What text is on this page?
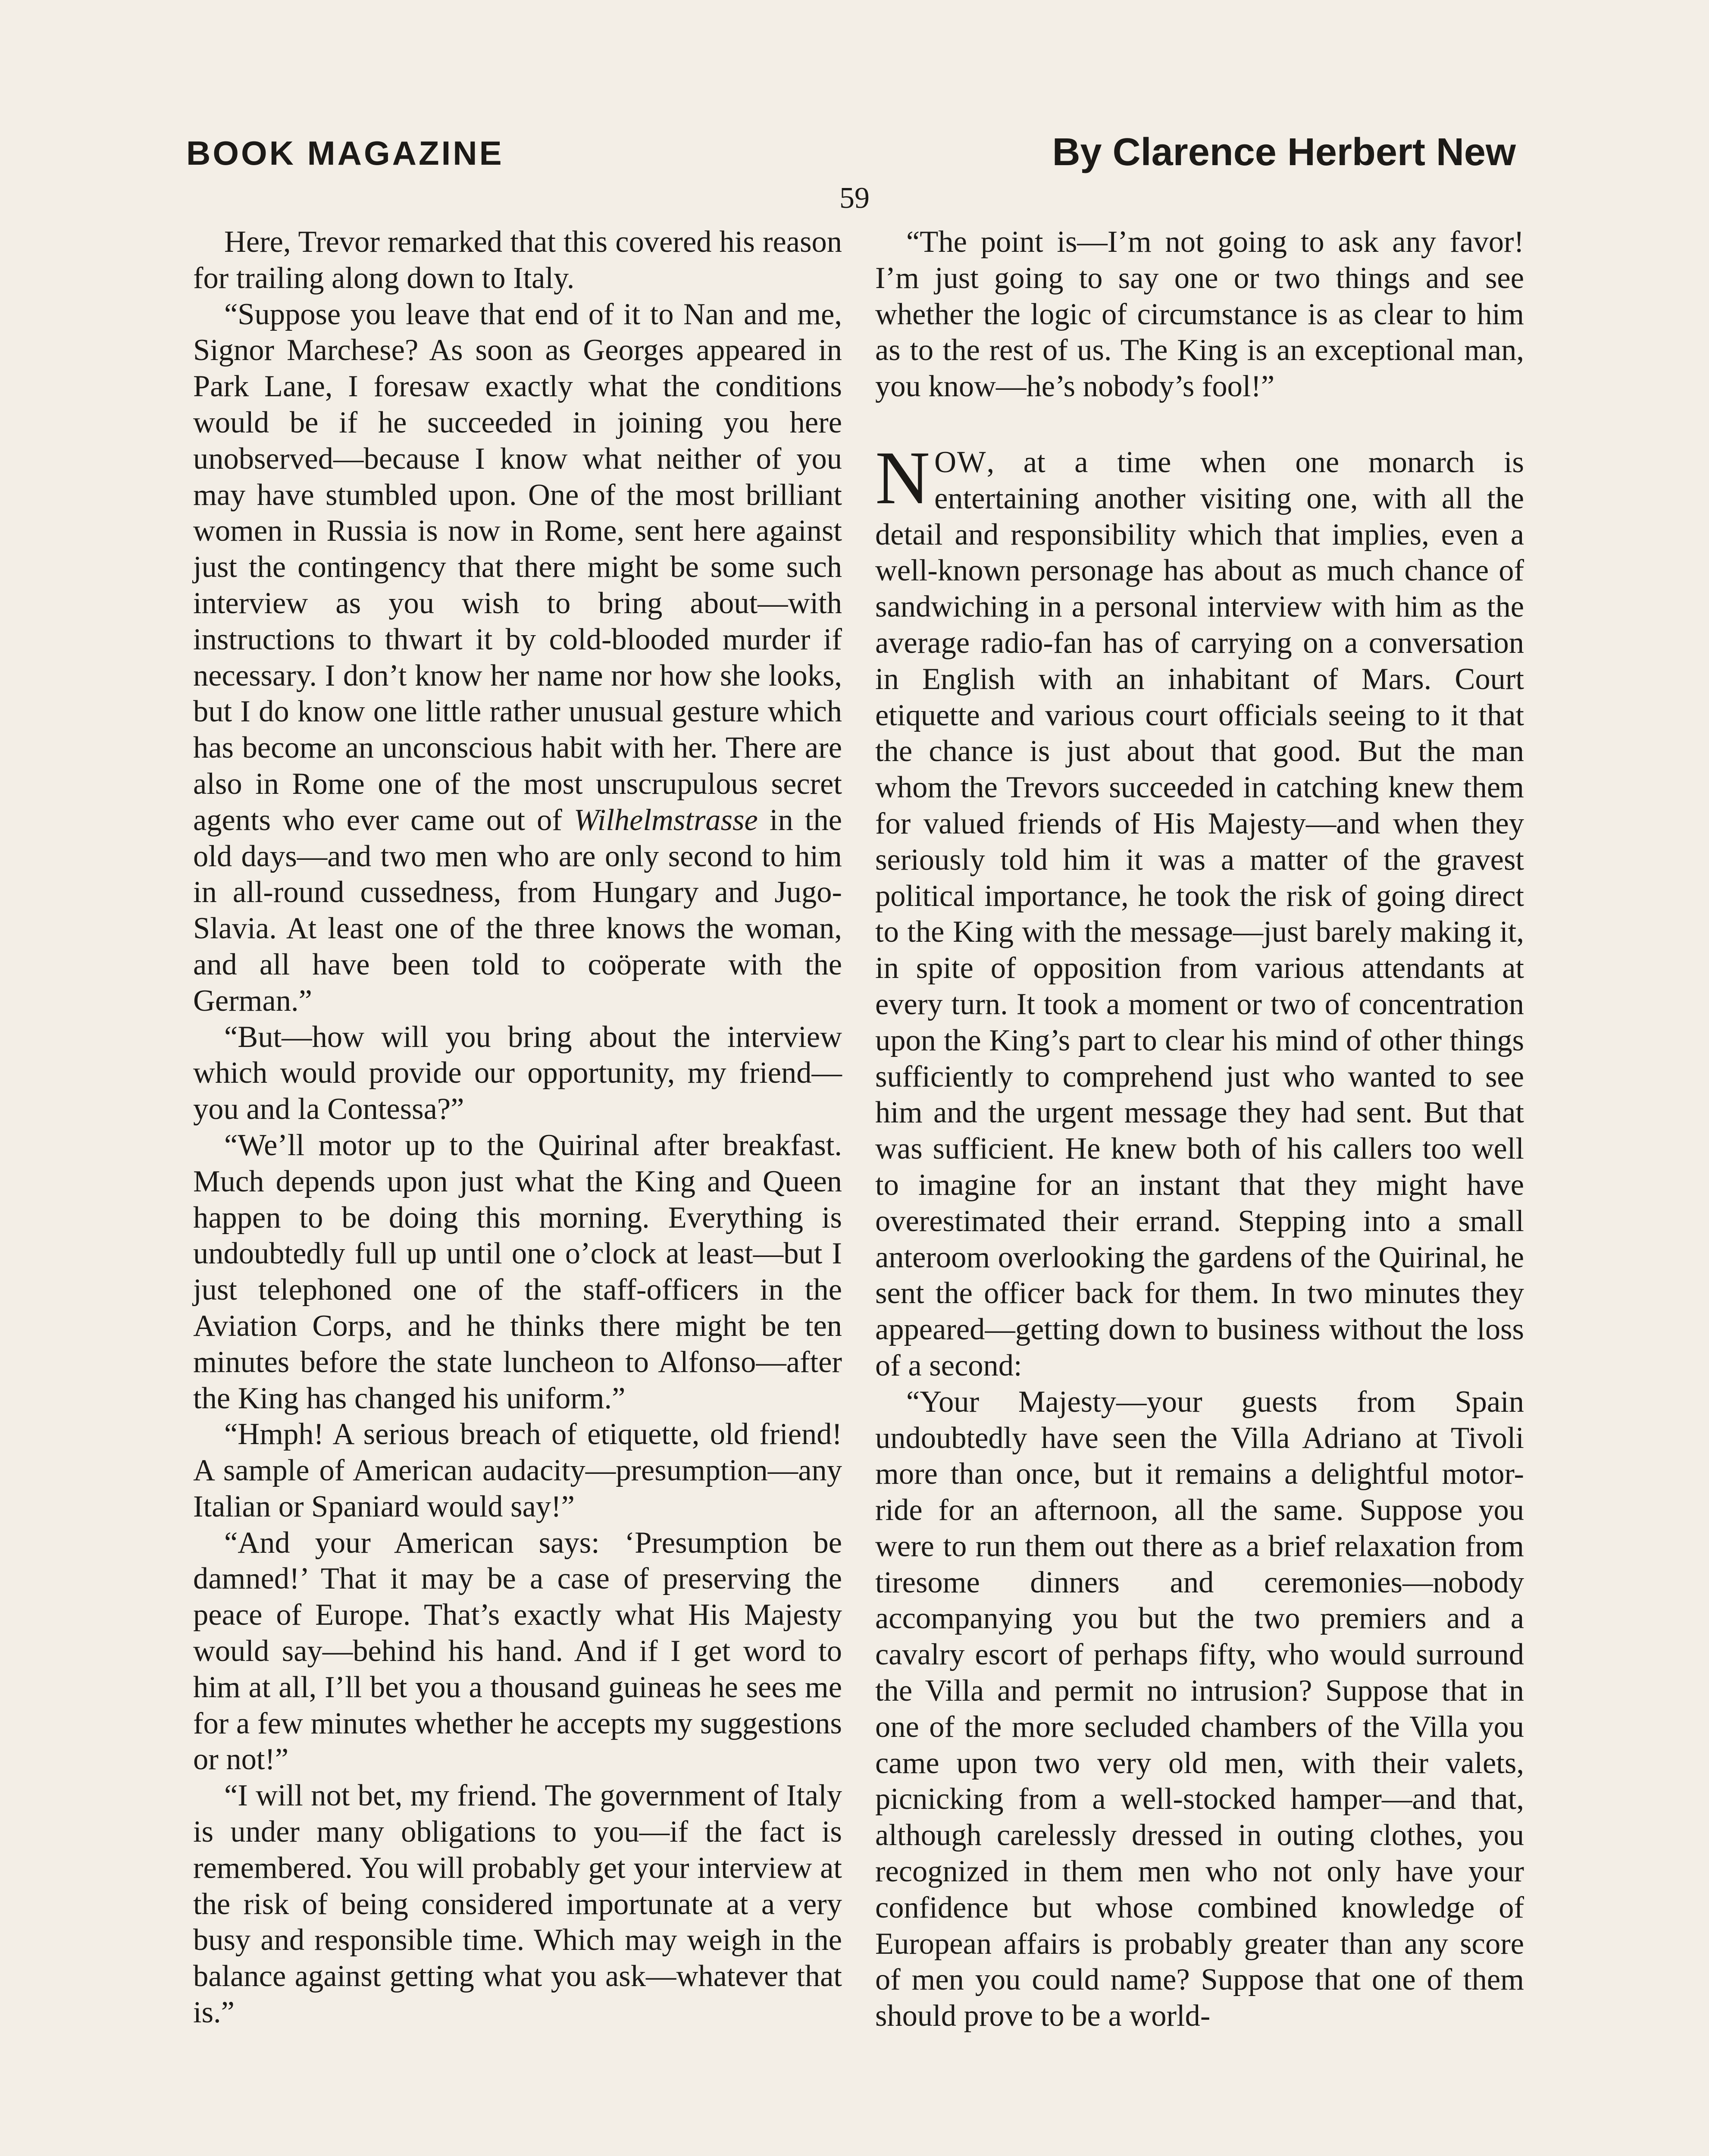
BOOK MAGAZINE	By Clarence Herbert New
59

Here, Trevor remarked that this covered his reason for trailing along down to Italy.

“Suppose you leave that end of it to Nan and me, Signor Marchese? As soon as Georges appeared in Park Lane, I foresaw exactly what the conditions would be if he succeeded in joining you here unobserved—because I know what neither of you may have stumbled upon. One of the most brilliant women in Russia is now in Rome, sent here against just the contingency that there might be some such interview as you wish to bring about—with instructions to thwart it by cold-blooded murder if necessary. I don’t know her name nor how she looks, but I do know one little rather unusual gesture which has become an unconscious habit with her. There are also in Rome one of the most unscrupulous secret agents who ever came out of Wilhelmstrasse in the old days—and two men who are only second to him in all-round cussedness, from Hungary and Jugo-Slavia. At least one of the three knows the woman, and all have been told to coöperate with the German.”

“But—how will you bring about the interview which would provide our opportunity, my friend—you and la Contessa?”

“We’ll motor up to the Quirinal after breakfast. Much depends upon just what the King and Queen happen to be doing this morning. Everything is undoubtedly full up until one o’clock at least—but I just telephoned one of the staff-officers in the Aviation Corps, and he thinks there might be ten minutes before the state luncheon to Alfonso—after the King has changed his uniform.”

“Hmph! A serious breach of etiquette, old friend! A sample of American audacity—presumption—any Italian or Spaniard would say!”

“And your American says: ‘Presumption be damned!’ That it may be a case of preserving the peace of Europe. That’s exactly what His Majesty would say—behind his hand. And if I get word to him at all, I’ll bet you a thousand guineas he sees me for a few minutes whether he accepts my suggestions or not!”

“I will not bet, my friend. The government of Italy is under many obligations to you—if the fact is remembered. You will probably get your interview at the risk of being considered importunate at a very busy and responsible time. Which may weigh in the balance against getting what you ask—whatever that is.”

“The point is—I’m not going to ask any favor! I’m just going to say one or two things and see whether the logic of circumstance is as clear to him as to the rest of us. The King is an exceptional man, you know—he’s nobody’s fool!”

NOW, at a time when one monarch is entertaining another visiting one, with all the detail and responsibility which that implies, even a well-known personage has about as much chance of sandwiching in a personal interview with him as the average radio-fan has of carrying on a conversation in English with an inhabitant of Mars. Court etiquette and various court officials seeing to it that the chance is just about that good. But the man whom the Trevors succeeded in catching knew them for valued friends of His Majesty—and when they seriously told him it was a matter of the gravest political importance, he took the risk of going direct to the King with the message—just barely making it, in spite of opposition from various attendants at every turn. It took a moment or two of concentration upon the King’s part to clear his mind of other things sufficiently to comprehend just who wanted to see him and the urgent message they had sent. But that was sufficient. He knew both of his callers too well to imagine for an instant that they might have overestimated their errand. Stepping into a small anteroom overlooking the gardens of the Quirinal, he sent the officer back for them. In two minutes they appeared—getting down to business without the loss of a second:

“Your Majesty—your guests from Spain undoubtedly have seen the Villa Adriano at Tivoli more than once, but it remains a delightful motor-ride for an afternoon, all the same. Suppose you were to run them out there as a brief relaxation from tiresome dinners and ceremonies—nobody accompanying you but the two premiers and a cavalry escort of perhaps fifty, who would surround the Villa and permit no intrusion? Suppose that in one of the more secluded chambers of the Villa you came upon two very old men, with their valets, picnicking from a well-stocked hamper—and that, although carelessly dressed in outing clothes, you recognized in them men who not only have your confidence but whose combined knowledge of European affairs is probably greater than any score of men you could name? Suppose that one of them should prove to be a world-
